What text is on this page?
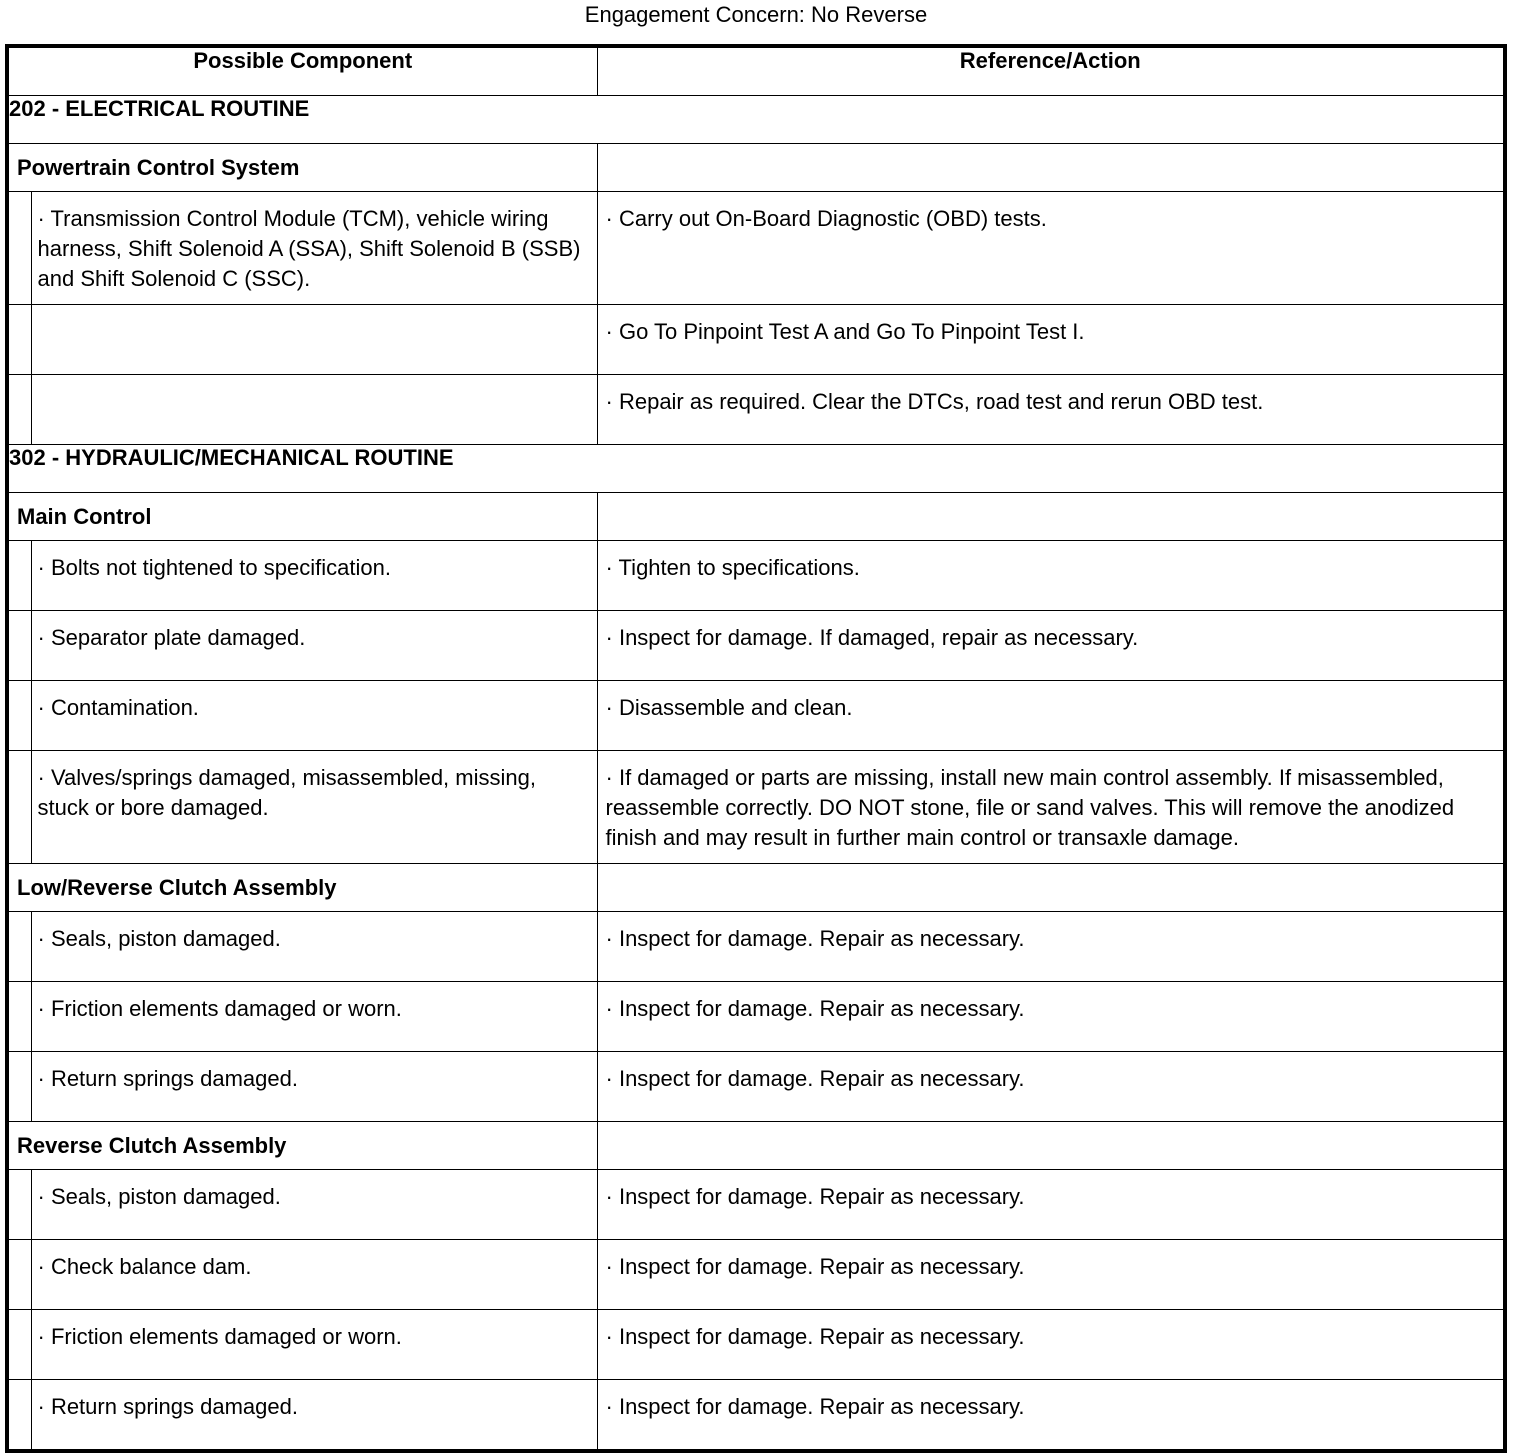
Engagement Concern: No Reverse
Possible Component		Reference/Action
202 - ELECTRICAL ROUTINE		
Powertrain Control System		
	· Transmission Control Module (TCM), vehicle wiring harness, Shift Solenoid A (SSA), Shift Solenoid B (SSB) and Shift Solenoid C (SSC).	· Carry out On-Board Diagnostic (OBD) tests.
		· Go To Pinpoint Test A and Go To Pinpoint Test I.
		· Repair as required. Clear the DTCs, road test and rerun OBD test.
302 - HYDRAULIC/MECHANICAL ROUTINE		
Main Control		
	· Bolts not tightened to specification.	· Tighten to specifications.
	· Separator plate damaged.	· Inspect for damage. If damaged, repair as necessary.
	· Contamination.	· Disassemble and clean.
	· Valves/springs damaged, misassembled, missing, stuck or bore damaged.	· If damaged or parts are missing, install new main control assembly. If misassembled, reassemble correctly. DO NOT stone, file or sand valves. This will remove the anodized finish and may result in further main control or transaxle damage.
Low/Reverse Clutch Assembly		
	· Seals, piston damaged.	· Inspect for damage. Repair as necessary.
	· Friction elements damaged or worn.	· Inspect for damage. Repair as necessary.
	· Return springs damaged.	· Inspect for damage. Repair as necessary.
Reverse Clutch Assembly		
	· Seals, piston damaged.	· Inspect for damage. Repair as necessary.
	· Check balance dam.	· Inspect for damage. Repair as necessary.
	· Friction elements damaged or worn.	· Inspect for damage. Repair as necessary.
	· Return springs damaged.	· Inspect for damage. Repair as necessary.
